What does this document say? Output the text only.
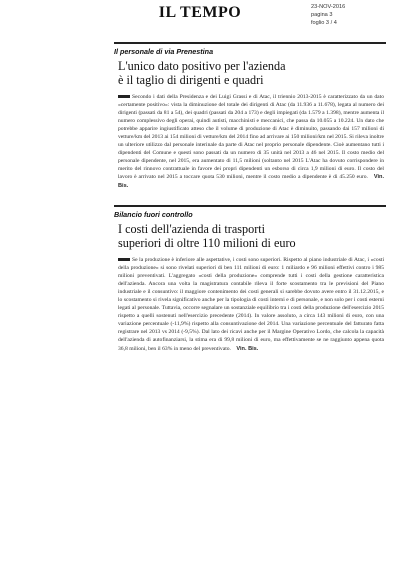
IL TEMPO	23-NOV-2016
pagina 3
foglio 3 / 4
Il personale di via Prenestina
L'unico dato positivo per l'azienda
è il taglio di dirigenti e quadri
Secondo i dati della Presidenza e dei Luigi Grassi e di Atac, il triennio 2013-2015 è caratterizzato da un dato «certamente positivo»: vista la diminuzione del totale dei dirigenti di Atac (da 11.936 a 11.678), legata al numero dei dirigenti (passati da 81 a 54), dei quadri (passati da 204 a 173) e degli impiegati (da 1.579 a 1.398), mentre aumenta il numero complessivo degli operai, quindi autisti, macchinisti e meccanici, che passa da 10.055 a 10.224. Un dato che potrebbe apparire ingiustificato atteso che il volume di produzione di Atac è diminuito, passando dai 157 milioni di vetture/km del 2013 ai 154 milioni di vetture/km del 2014 fino ad arrivare ai 150 milioni/km nel 2015. Si rileva inoltre un ulteriore utilizzo dal personale interinale da parte di Atac nel proprio personale dipendente. Cioè aumentano tutti i dipendenti del Comune e questi sono passati da un numero di 35 unità nel 2013 a 46 nel 2015. Il costo medio del personale dipendente, nel 2015, era aumentato di 11,5 milioni (soltanto nel 2015 L'Atac ha dovuto corrispondere in merito del rinnovo contrattuale in favore dei propri dipendenti un esborso di circa 1,9 milioni di euro. Il costo del lavoro è arrivato nel 2015 a toccare quota 530 milioni, mentre il costo medio a dipendente è di 45.250 euro. Vin. Bis.
Bilancio fuori controllo
I costi dell'azienda di trasporti
superiori di oltre 110 milioni di euro
Se la produzione è inferiore alle aspettative, i costi sono superiori. Rispetto al piano industriale di Atac, i «costi della produzione» si sono rivelati superiori di ben 111 milioni di euro: 1 miliardo e 96 milioni effettivi contro i 985 milioni preventivati. L'aggregato «costi della produzione» comprende tutti i costi della gestione caratteristica dell'azienda. Ancora una volta la magistratura contabile rileva il forte scostamento tra le previsioni del Piano industriale e il consuntivo: il maggiore contenimento dei costi generali si sarebbe dovuto avere entro il 31.12.2015, e lo scostamento si rivela significativo anche per la tipologia di costi interni e di personale, e non solo per i costi esterni legati al personale. Tuttavia, occorre segnalare un sostanziale equilibrio tra i costi della produzione dell'esercizio 2015 rispetto a quelli sostenuti nell'esercizio precedente (2014). In valore assoluto, a circa 143 milioni di euro, con una variazione percentuale (-11,9%) rispetto alla consuntivazione del 2014. Una variazione percentuale del fatturato fatta registrare nel 2013 vs 2014 (-9,5%). Dal lato dei ricavi anche per il Margine Operativo Lordo, che calcola la capacità dell'azienda di autofinanziarsi, la stima era di 99,8 milioni di euro, ma effettivamente se ne raggiunto appena quota 36,8 milioni, ben il 63% in meno del preventivato. Vin. Bis.
